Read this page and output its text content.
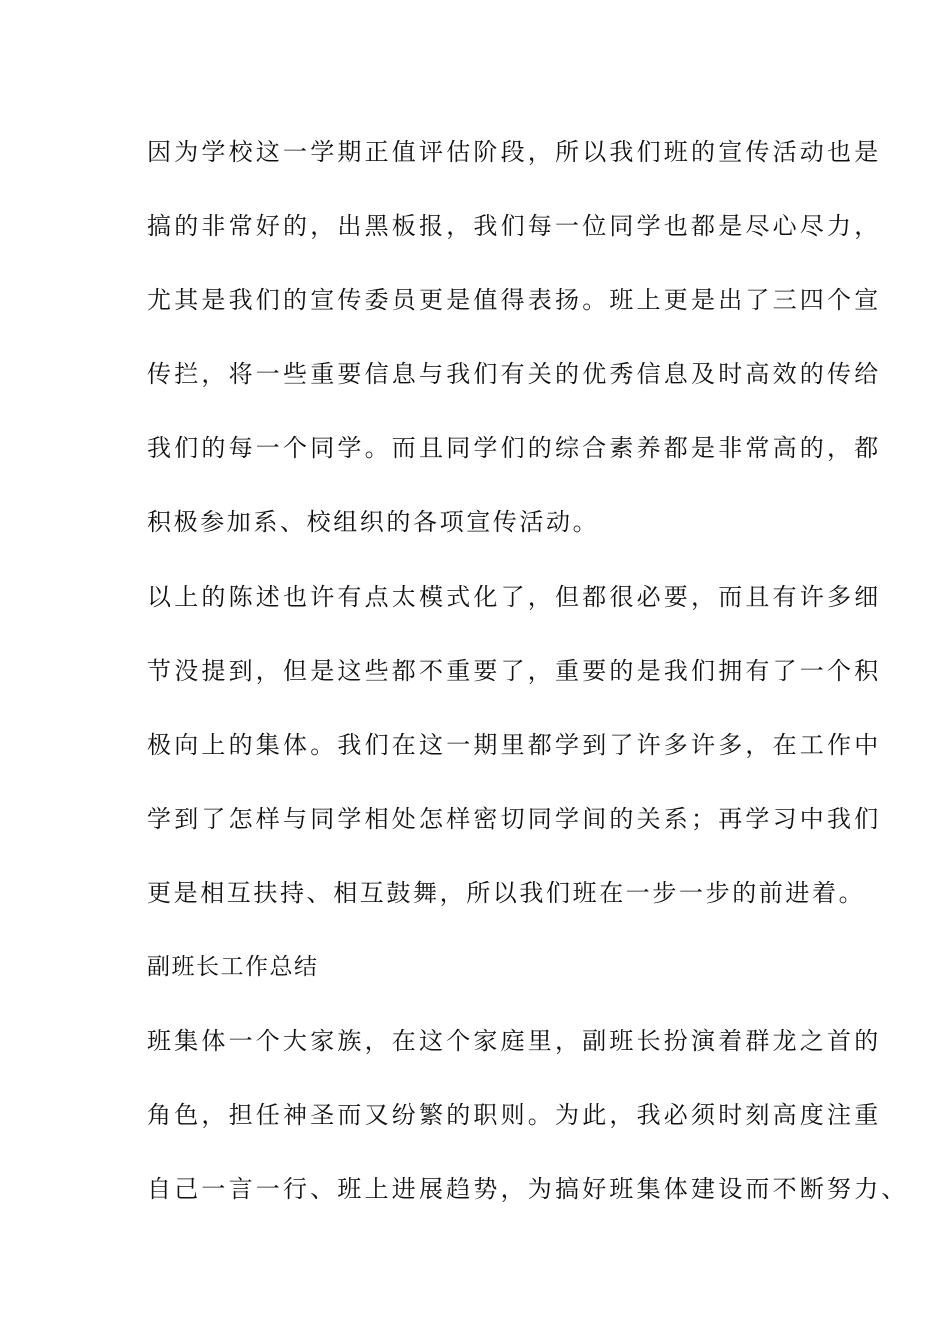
因为学校这一学期正值评估阶段，所以我们班的宣传活动也是
搞的非常好的，出黑板报，我们每一位同学也都是尽心尽力，
尤其是我们的宣传委员更是值得表扬。班上更是出了三四个宣
传拦，将一些重要信息与我们有关的优秀信息及时高效的传给
我们的每一个同学。而且同学们的综合素养都是非常高的，都
积极参加系、校组织的各项宣传活动。
以上的陈述也许有点太模式化了，但都很必要，而且有许多细
节没提到，但是这些都不重要了，重要的是我们拥有了一个积
极向上的集体。我们在这一期里都学到了许多许多，在工作中
学到了怎样与同学相处怎样密切同学间的关系；再学习中我们
更是相互扶持、相互鼓舞，所以我们班在一步一步的前进着。
副班长工作总结
班集体一个大家族，在这个家庭里，副班长扮演着群龙之首的
角色，担任神圣而又纷繁的职则。为此，我必须时刻高度注重
自己一言一行、班上进展趋势，为搞好班集体建设而不断努力、
